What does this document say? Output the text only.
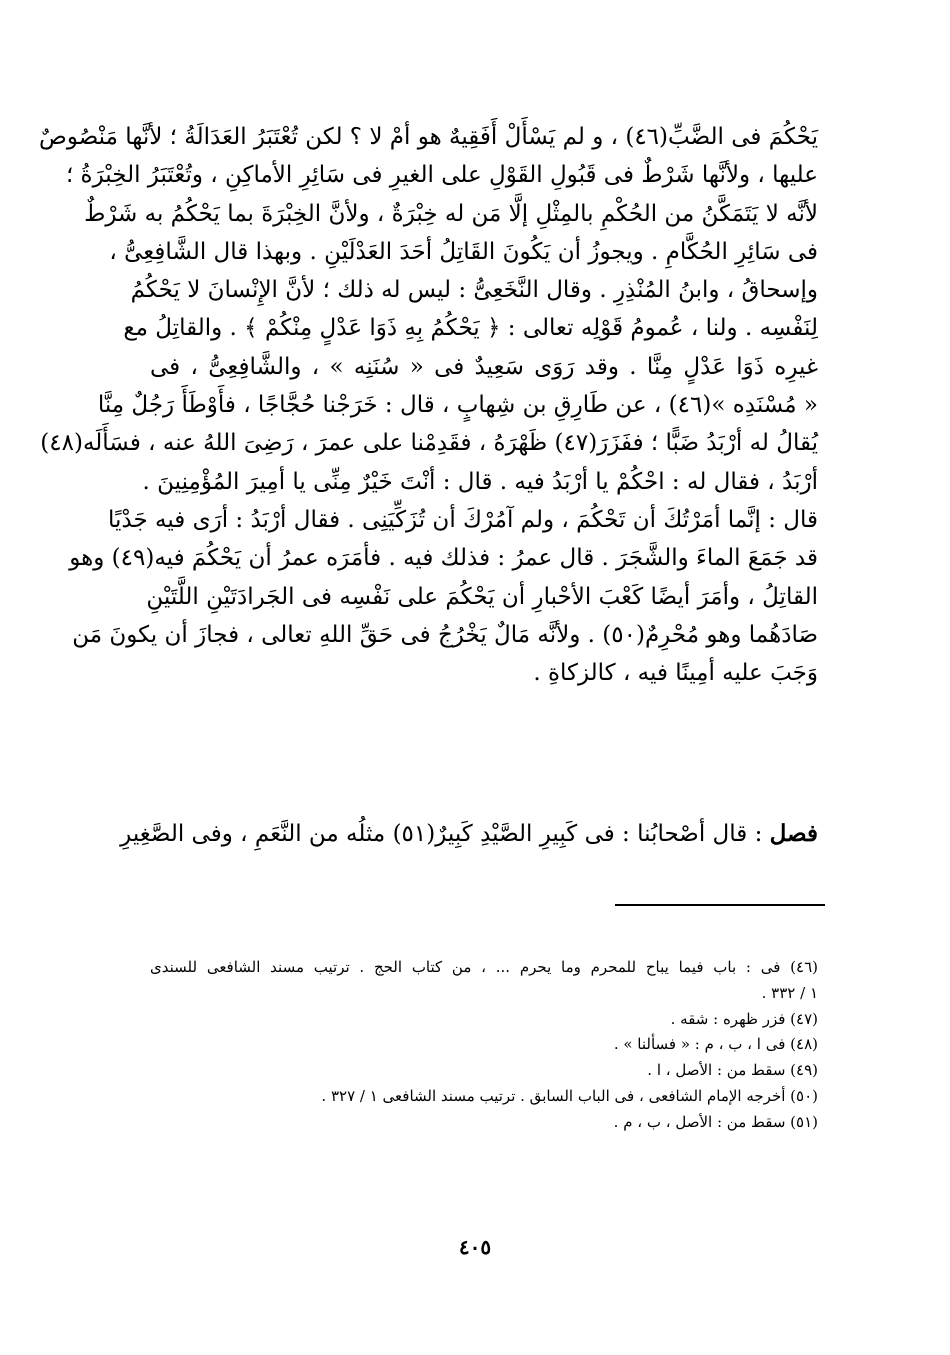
يَحْكُمَ فى الضَّبِّ(٤٦) ، و لم يَسْأَلْ أَفَقِيهٌ هو أمْ لا ؟ لكن تُعْتَبَرُ العَدَالَةُ ؛ لأنَّها مَنْصُوصٌ
عليها ، ولأنَّها شَرْطٌ فى قَبُولِ القَوْلِ على الغيرِ فى سَائِرِ الأماكِنِ ، وتُعْتَبَرُ الخِبْرَةُ ؛
لأنَّه لا يَتَمَكَّنُ من الحُكْمِ بالمِثْلِ إلَّا مَن له خِبْرَةٌ ، ولأنَّ الخِبْرَةَ بما يَحْكُمُ به شَرْطٌ
فى سَائِرِ الحُكَّامِ . ويجوزُ أن يَكُونَ القَاتِلُ أحَدَ العَدْلَيْنِ . وبهذا قال الشَّافِعِىُّ ،
وإسحاقُ ، وابنُ المُنْذِرِ . وقال النَّخَعِىُّ : ليس له ذلك ؛ لأنَّ الإِنْسانَ لا يَحْكُمُ
لِنَفْسِه . ولنا ، عُمومُ قَوْلِه تعالى : ﴿ يَحْكُمُ بِهِ ذَوَا عَدْلٍ مِنْكُمْ ﴾ . والقاتِلُ مع
غيرِه ذَوَا عَدْلٍ مِنَّا . وقد رَوَى سَعِيدٌ فى « سُنَنِه » ، والشَّافِعِىُّ ، فى
« مُسْنَدِه »(٤٦) ، عن طَارِقِ بن شِهابٍ ، قال : خَرَجْنا حُجَّاجًا ، فأَوْطَأَ رَجُلٌ مِنَّا
يُقالُ له أرْبَدُ ضَبًّا ؛ ففَزَرَ(٤٧) ظَهْرَهُ ، فقَدِمْنا على عمرَ ، رَضِىَ اللهُ عنه ، فسَأَلَه(٤٨)
أرْبَدُ ، فقال له : احْكُمْ يا أرْبَدُ فيه . قال : أنْتَ خَيْرٌ مِنِّى يا أمِيرَ المُؤْمِنِينَ .
قال : إنَّما أمَرْتُكَ أن تَحْكُمَ ، ولم آمُرْكَ أن تُزَكِّيَنِى . فقال أرْبَدُ : أرَى فيه جَدْيًا
قد جَمَعَ الماءَ والشَّجَرَ . قال عمرُ : فذلك فيه . فأمَرَه عمرُ أن يَحْكُمَ فيه(٤٩) وهو
القاتِلُ ، وأمَرَ أيضًا كَعْبَ الأحْبارِ أن يَحْكُمَ على نَفْسِه فى الجَرادَتَيْنِ اللَّتَيْنِ
صَادَهُما وهو مُحْرِمٌ(٥٠) . ولأنَّه مَالٌ يَخْرُجُ فى حَقِّ اللهِ تعالى ، فجازَ أن يكونَ مَن
وَجَبَ عليه أمِينًا فيه ، كالزكاةِ .
فصل : قال أصْحابُنا : فى كَبِيرِ الصَّيْدِ كَبِيرٌ(٥١) مثلُه من النَّعَمِ ، وفى الصَّغِيرِ
(٤٦) فى : باب فيما يباح للمحرم وما يحرم ... ، من كتاب الحج . ترتيب مسند الشافعى للسندى
١ / ٣٣٢ .
(٤٧) فزر ظهره : شقه .
(٤٨) فى ا ، ب ، م : « فسألنا » .
(٤٩) سقط من : الأصل ، ا .
(٥٠) أخرجه الإمام الشافعى ، فى الباب السابق . ترتيب مسند الشافعى ١ / ٣٢٧ .
(٥١) سقط من : الأصل ، ب ، م .
٤٠٥
